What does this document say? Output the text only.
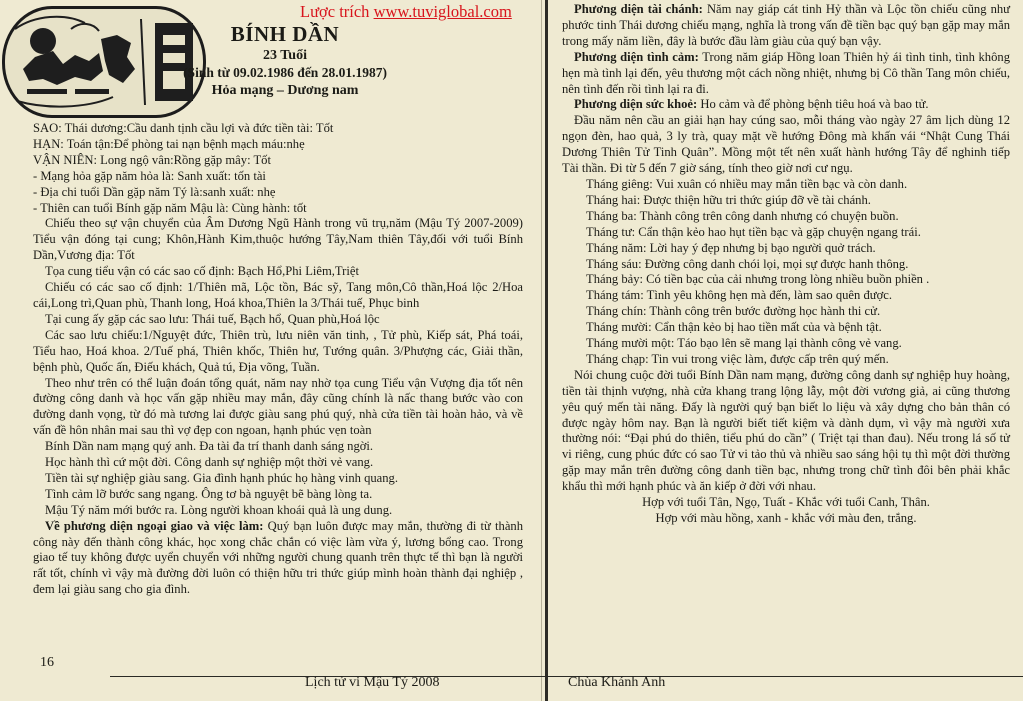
Lược trích www.tuviglobal.com
BÍNH DẦN
23 Tuổi
(Sinh từ 09.02.1986 đến 28.01.1987)
Hỏa mạng – Dương nam

SAO: Thái dương:Cầu danh tịnh cầu lợi và đức tiền tài: Tốt

HẠN: Toán tận:Để phòng tai nạn bệnh mạch máu:nhẹ

VẬN NIÊN: Long ngộ vân:Rồng gặp mây: Tốt

- Mạng hỏa gặp năm hỏa là: Sanh xuất: tốn tài

- Địa chi tuổi Dần gặp năm Tý là:sanh xuất: nhẹ

- Thiên can tuổi Bính gặp năm Mậu là: Cùng hành: tốt

Chiếu theo sự vận chuyển của Âm Dương Ngũ Hành trong vũ trụ,năm (Mậu Tý 2007-2009) Tiểu vận đóng tại cung; Khôn,Hành Kim,thuộc hướng Tây,Nam thiên Tây,đối với tuổi Bính Dần,Vương địa: Tốt

Tọa cung tiểu vận có các sao cố định: Bạch Hổ,Phi Liêm,Triệt

Chiếu có các sao cố định: 1/Thiên mã, Lộc tồn, Bác sỹ, Tang môn,Cô thần,Hoá lộc 2/Hoa cái,Long trì,Quan phù, Thanh long, Hoá khoa,Thiên la 3/Thái tuế, Phục binh

Tại cung ấy gặp các sao lưu: Thái tuế, Bạch hổ, Quan phù,Hoá lộc

Các sao lưu chiếu:1/Nguyệt đức, Thiên trù, lưu niên văn tinh, , Tử phù, Kiếp sát, Phá toái, Tiểu hao, Hoá khoa. 2/Tuế phá, Thiên khốc, Thiên hư, Tướng quân. 3/Phượng các, Giải thần, bệnh phù, Quốc ấn, Điếu khách, Quả tú, Địa võng, Tuần.

Theo như trên có thể luận đoán tổng quát, năm nay nhờ tọa cung Tiểu vận Vượng địa tốt nên đường công danh và học vấn gặp nhiều may mắn, đây cũng chính là nấc thang bước vào con đường danh vọng, từ đó mà tương lai được giàu sang phú quý, nhà cửa tiền tài hoàn hảo, và về vấn đề hôn nhân mai sau thì vợ đẹp con ngoan, hạnh phúc vẹn toàn

Bính Dần nam mạng quý anh. Đa tài đa trí thanh danh sáng ngời.

Học hành thì cứ một đời. Công danh sự nghiệp một thời vẻ vang.

Tiền tài sự nghiệp giàu sang. Gia đình hạnh phúc họ hàng vinh quang.

Tình cảm lỡ bước sang ngang. Ông tơ bà nguyệt bẽ bàng lòng ta.

Mậu Tý năm mới bước ra. Lòng người khoan khoái quả là ung dung.

Về phương diện ngoại giao và việc làm: Quý bạn luôn được may mắn, thường đi từ thành công này đến thành công khác, học xong chắc chắn có việc làm vừa ý, lương bổng cao. Trong giao tế tuy không được uyển chuyển với những người chung quanh trên thực tế thì bạn là người rất tốt, chính vì vậy mà đường đời luôn có thiện hữu tri thức giúp mình hoàn thành đại nghiệp , đem lại giàu sang cho gia đình.

Phương diện tài chánh: Năm nay giáp cát tinh Hỷ thần và Lộc tồn chiếu cũng như phước tinh Thái dương chiếu mạng, nghĩa là trong vấn đề tiền bạc quý bạn gặp may mắn trong mấy năm liền, đây là bước đầu làm giàu của quý bạn vậy.

Phương diện tình cảm: Trong năm giáp Hồng loan Thiên hỷ ái tình tinh, tình không hẹn mà tình lại đến, yêu thương một cách nồng nhiệt, nhưng bị Cô thần Tang môn chiếu, nên tình đến rồi tình lại ra đi.

Phương diện sức khoẻ: Ho cảm và để phòng bệnh tiêu hoá và bao tử.

Đầu năm nên cầu an giải hạn hay cúng sao, mỗi tháng vào ngày 27 âm lịch dùng 12 ngọn đèn, hao quả, 3 ly trà, quay mặt về hướng Đông mà khấn vái “Nhật Cung Thái Dương Thiên Tử Tinh Quân”. Mồng một tết nên xuất hành hướng Tây để nghinh tiếp Tài thần. Đi từ 5 đến 7 giờ sáng, tính theo giờ nơi cư ngụ.

Tháng giêng: Vui xuân có nhiều may mắn tiền bạc và còn danh.

Tháng hai: Được thiện hữu tri thức giúp đỡ về tài chánh.

Tháng ba: Thành công trên công danh nhưng có chuyện buồn.

Tháng tư: Cẩn thận kẻo hao hụt tiền bạc và gặp chuyện ngang trái.

Tháng năm: Lời hay ý đẹp nhưng bị bạo người quở trách.

Tháng sáu: Đường công danh chói lọi, mọi sự được hanh thông.

Tháng bảy: Có tiền bạc của cải nhưng trong lòng nhiều buồn phiền .

Tháng tám: Tình yêu không hẹn mà đến, làm sao quên được.

Tháng chín: Thành công trên bước đường học hành thi cử.

Tháng mười: Cẩn thận kẻo bị hao tiền mất của và bệnh tật.

Tháng mười một: Táo bạo lên sẽ mang lại thành công vẻ vang.

Tháng chạp: Tin vui trong việc làm, được cấp trên quý mến.

Nói chung cuộc đời tuổi Bính Dần nam mạng, đường công danh sự nghiệp huy hoàng, tiền tài thịnh vượng, nhà cửa khang trang lộng lẫy, một đời vương giả, ai cũng thương yêu quý mến tài năng. Đấy là người quý bạn biết lo liệu và xây dựng cho bản thân có được ngày hôm nay. Bạn là người biết tiết kiệm và dành dụm, vì vậy mà người xưa thường nói: “Đại phú do thiên, tiểu phú do cần” ( Triệt tại than đau). Nếu trong lá số tử vi riêng, cung phúc đức có sao Tử vi tảo thủ và nhiều sao sáng hội tụ thì một đời thường gặp may mắn trên đường công danh tiền bạc, nhưng trong chữ tình đôi bên phải khắc khẩu thì mới hạnh phúc và ăn kiếp ở đời với nhau.

Hợp với tuổi Tân, Ngọ, Tuất - Khắc với tuổi Canh, Thân.

Hợp với màu hồng, xanh - khắc với màu đen, trắng.

16
Lịch tử vi Mậu Tý 2008	Chùa Khánh Anh
